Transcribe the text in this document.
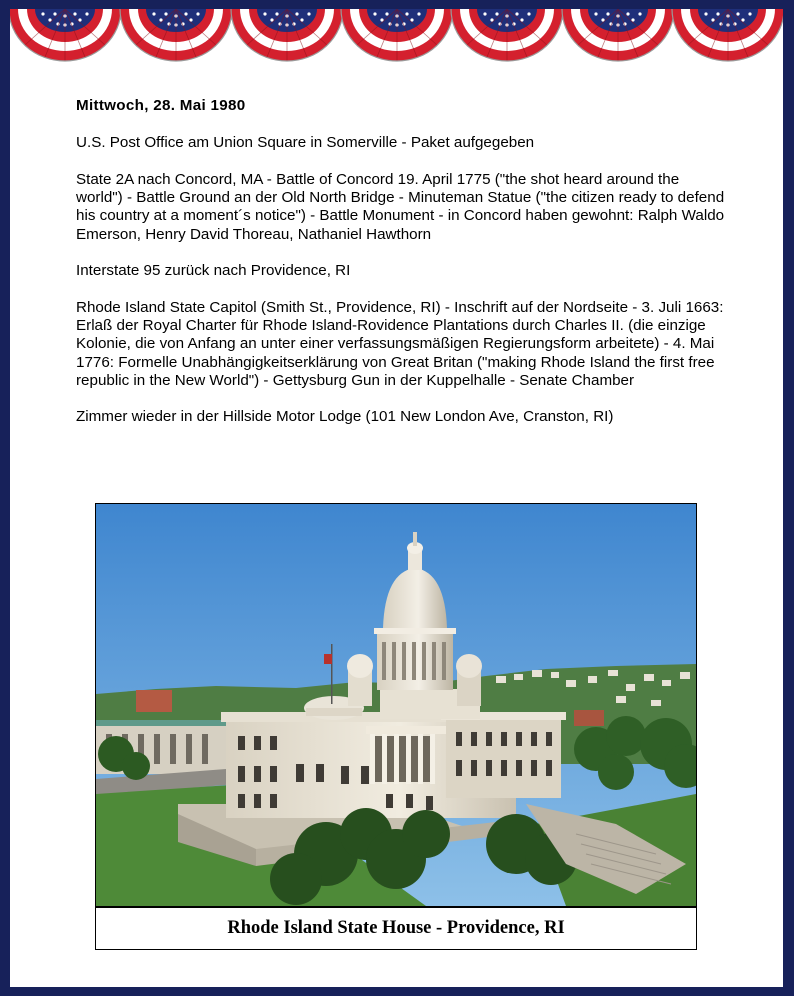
Mittwoch, 28. Mai 1980

U.S. Post Office am Union Square in Somerville - Paket aufgegeben

State 2A nach Concord, MA - Battle of Concord 19. April 1775 ("the shot heard around the world") - Battle Ground an der Old North Bridge - Minuteman Statue ("the citizen ready to defend his country at a moment´s notice") - Battle Monument - in Concord haben gewohnt: Ralph Waldo Emerson, Henry David Thoreau, Nathaniel Hawthorn

Interstate 95 zurück nach Providence, RI

Rhode Island State Capitol (Smith St., Providence, RI) - Inschrift auf der Nordseite - 3. Juli 1663: Erlaß der Royal Charter für Rhode Island-Rovidence Plantations durch Charles II. (die einzige Kolonie, die von Anfang an unter einer verfassungsmäßigen Regierungsform arbeitete) - 4. Mai 1776: Formelle Unabhängigkeitserklärung von Great Britan ("making Rhode Island the first free republic in the New World") - Gettysburg Gun in der Kuppelhalle - Senate Chamber

Zimmer wieder in der Hillside Motor Lodge (101 New London Ave, Cranston, RI)

Rhode Island State House - Providence, RI
